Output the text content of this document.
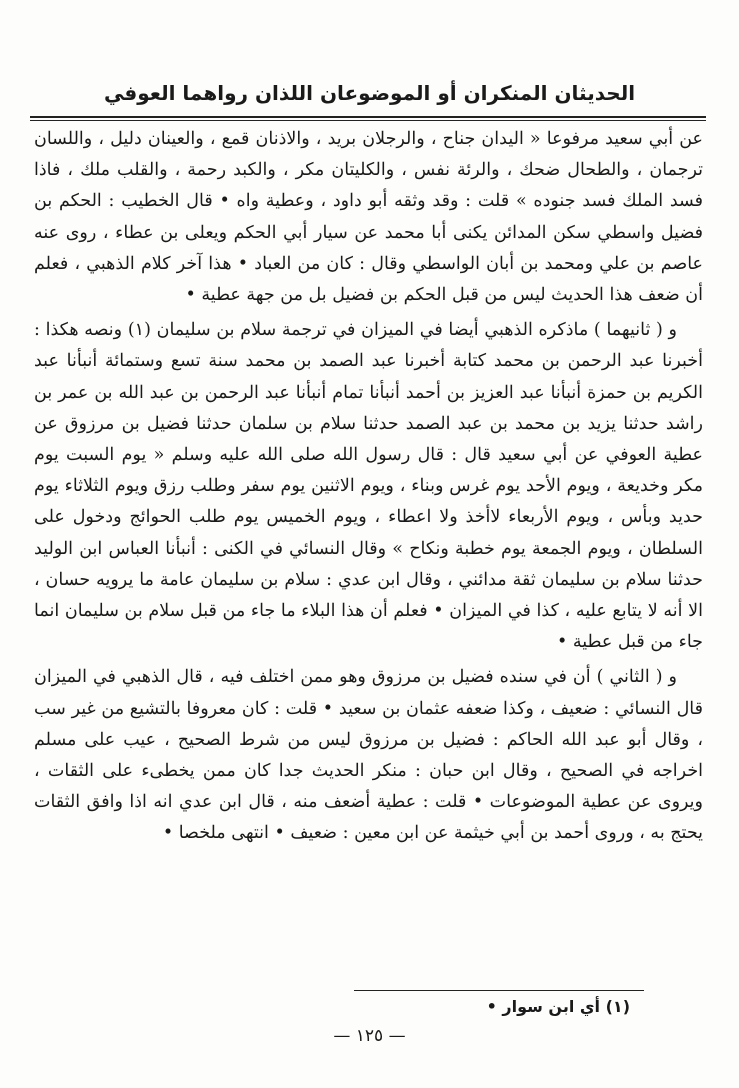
الحديثان المنكران أو الموضوعان اللذان رواهما العوفي

عن أبي سعيد مرفوعا « اليدان جناح ، والرجلان بريد ، والاذنان قمع ، والعينان دليل ، واللسان ترجمان ، والطحال ضحك ، والرئة نفس ، والكليتان مكر ، والكبد رحمة ، والقلب ملك ، فاذا فسد الملك فسد جنوده » قلت : وقد وثقه أبو داود ، وعطية واه • قال الخطيب : الحكم بن فضيل واسطي سكن المدائن يكنى أبا محمد عن سيار أبي الحكم ويعلى بن عطاء ، روى عنه عاصم بن علي ومحمد بن أبان الواسطي وقال : كان من العباد • هذا آخر كلام الذهبي ، فعلم أن ضعف هذا الحديث ليس من قبل الحكم بن فضيل بل من جهة عطية •

و ( ثانيهما ) ماذكره الذهبي أيضا في الميزان في ترجمة سلام بن سليمان (١) ونصه هكذا : أخبرنا عبد الرحمن بن محمد كتابة أخبرنا عبد الصمد بن محمد سنة تسع وستمائة أنبأنا عبد الكريم بن حمزة أنبأنا عبد العزيز بن أحمد أنبأنا تمام أنبأنا عبد الرحمن بن عبد الله بن عمر بن راشد حدثنا يزيد بن محمد بن عبد الصمد حدثنا سلام بن سلمان حدثنا فضيل بن مرزوق عن عطية العوفي عن أبي سعيد قال : قال رسول الله صلى الله عليه وسلم « يوم السبت يوم مكر وخديعة ، ويوم الأحد يوم غرس وبناء ، ويوم الاثنين يوم سفر وطلب رزق ويوم الثلاثاء يوم حديد وبأس ، ويوم الأربعاء لاأخذ ولا اعطاء ، ويوم الخميس يوم طلب الحوائج ودخول على السلطان ، ويوم الجمعة يوم خطبة ونكاح » وقال النسائي في الكنى : أنبأنا العباس ابن الوليد حدثنا سلام بن سليمان ثقة مدائني ، وقال ابن عدي : سلام بن سليمان عامة ما يرويه حسان ، الا أنه لا يتابع عليه ، كذا في الميزان • فعلم أن هذا البلاء ما جاء من قبل سلام بن سليمان انما جاء من قبل عطية •

و ( الثاني ) أن في سنده فضيل بن مرزوق وهو ممن اختلف فيه ، قال الذهبي في الميزان قال النسائي : ضعيف ، وكذا ضعفه عثمان بن سعيد • قلت : كان معروفا بالتشيع من غير سب ، وقال أبو عبد الله الحاكم : فضيل بن مرزوق ليس من شرط الصحيح ، عيب على مسلم اخراجه في الصحيح ، وقال ابن حبان : منكر الحديث جدا كان ممن يخطىء على الثقات ، ويروى عن عطية الموضوعات • قلت : عطية أضعف منه ، قال ابن عدي انه اذا وافق الثقات يحتج به ، وروى أحمد بن أبي خيثمة عن ابن معين : ضعيف • انتهى ملخصا •

(١) أي ابن سوار •
— ١٢٥ —
